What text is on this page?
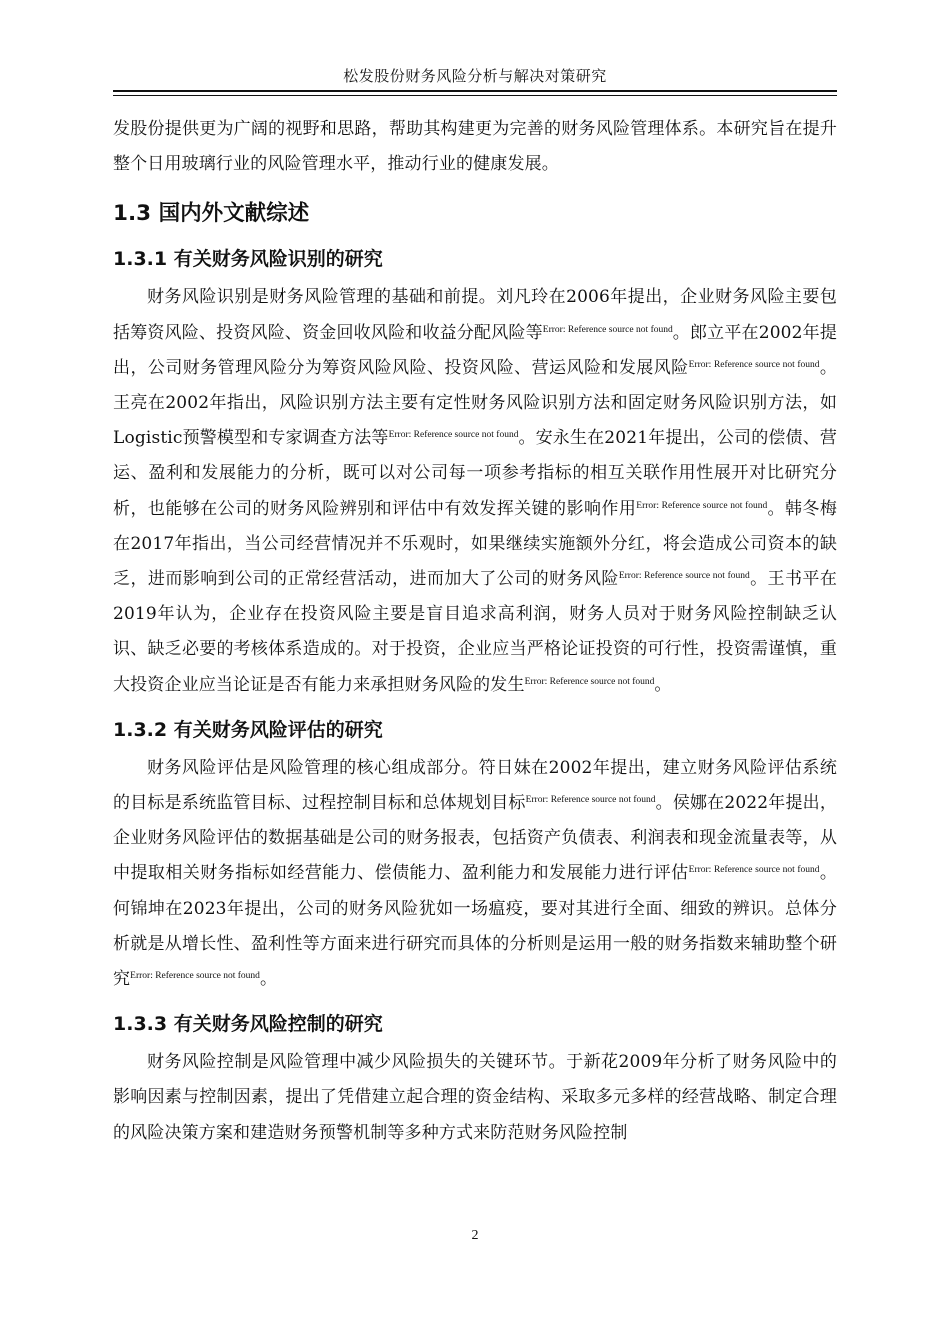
松发股份财务风险分析与解决对策研究

发股份提供更为广阔的视野和思路，帮助其构建更为完善的财务风险管理体系。本研究旨在提升整个日用玻璃行业的风险管理水平，推动行业的健康发展。

1.3 国内外文献综述
1.3.1 有关财务风险识别的研究

财务风险识别是财务风险管理的基础和前提。刘凡玲在2006年提出，企业财务风险主要包括筹资风险、投资风险、资金回收风险和收益分配风险等$^{Error: Reference source not found}$。郎立平在2002年提出，公司财务管理风险分为筹资风险风险、投资风险、营运风险和发展风险$^{Error: Reference source not found}$。王亮在2002年指出，风险识别方法主要有定性财务风险识别方法和固定财务风险识别方法，如Logistic预警模型和专家调查方法等$^{Error: Reference source not found}$。安永生在2021年提出，公司的偿债、营运、盈利和发展能力的分析，既可以对公司每一项参考指标的相互关联作用性展开对比研究分析，也能够在公司的财务风险辨别和评估中有效发挥关键的影响作用$^{Error: Reference source not found}$。韩冬梅在2017年指出，当公司经营情况并不乐观时，如果继续实施额外分红，将会造成公司资本的缺乏，进而影响到公司的正常经营活动，进而加大了公司的财务风险$^{Error: Reference source not found}$。王书平在2019年认为，企业存在投资风险主要是盲目追求高利润，财务人员对于财务风险控制缺乏认识、缺乏必要的考核体系造成的。对于投资，企业应当严格论证投资的可行性，投资需谨慎，重大投资企业应当论证是否有能力来承担财务风险的发生$^{Error: Reference source not found}$。

1.3.2 有关财务风险评估的研究

财务风险评估是风险管理的核心组成部分。符日妹在2002年提出，建立财务风险评估系统的目标是系统监管目标、过程控制目标和总体规划目标$^{Error: Reference source not found}$。侯娜在2022年提出，企业财务风险评估的数据基础是公司的财务报表，包括资产负债表、利润表和现金流量表等，从中提取相关财务指标如经营能力、偿债能力、盈利能力和发展能力进行评估$^{Error: Reference source not found}$。何锦坤在2023年提出，公司的财务风险犹如一场瘟疫，要对其进行全面、细致的辨识。总体分析就是从增长性、盈利性等方面来进行研究而具体的分析则是运用一般的财务指数来辅助整个研究$^{Error: Reference source not found}$。

1.3.3 有关财务风险控制的研究

财务风险控制是风险管理中减少风险损失的关键环节。于新花2009年分析了财务风险中的影响因素与控制因素，提出了凭借建立起合理的资金结构、采取多元多样的经营战略、制定合理的风险决策方案和建造财务预警机制等多种方式来防范财务风险控制

2
